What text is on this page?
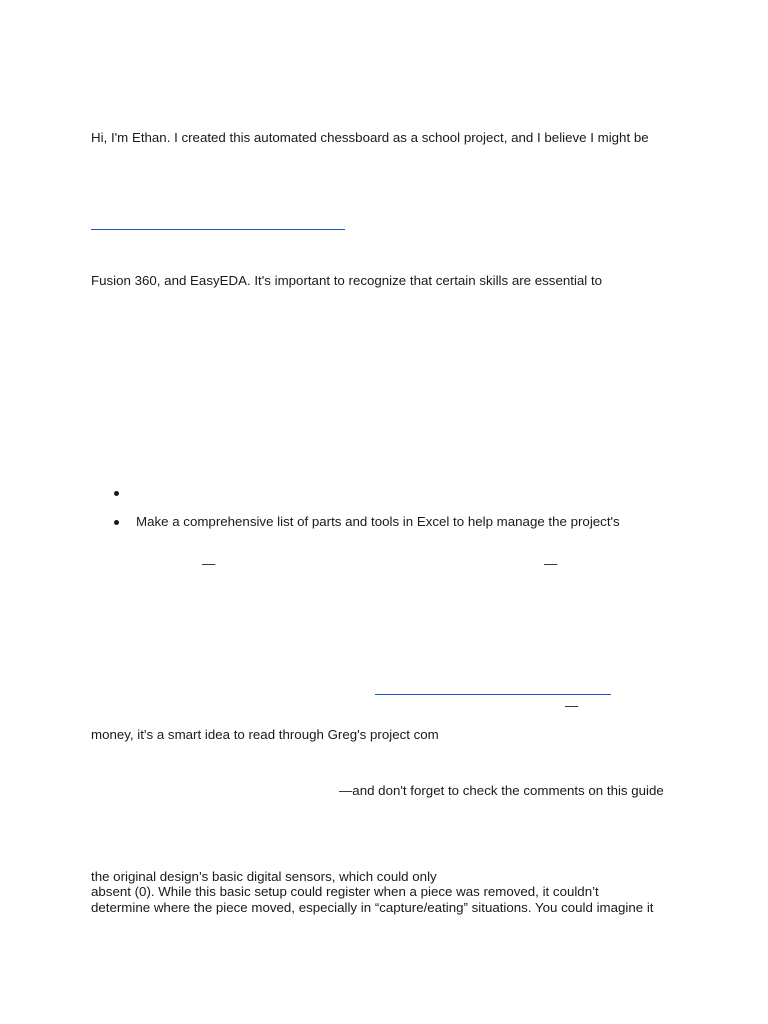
Hi, I'm Ethan. I created this automated chessboard as a school project, and I believe I might be

Fusion 360, and EasyEDA. It's important to recognize that certain skills are essential to

Make a comprehensive list of parts and tools in Excel to help manage the project's

—	—
—

money, it's a smart idea to read through Greg's project com

—and don't forget to check the comments on this guide

the original design’s basic digital sensors, which could only

absent (0). While this basic setup could register when a piece was removed, it couldn’t

determine where the piece moved, especially in “capture/eating” situations. You could imagine it
